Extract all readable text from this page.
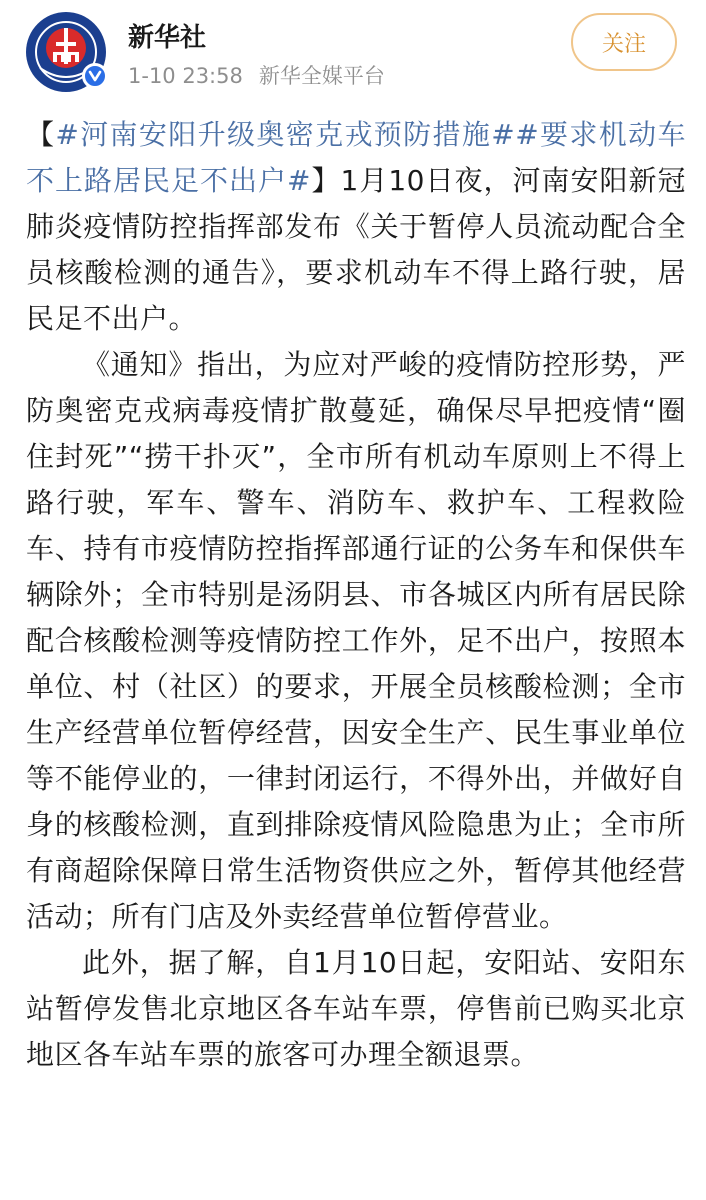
新华社
1-10 23:58 新华全媒平台
关注

【#河南安阳升级奥密克戎预防措施##要求机动车不上路居民足不出户#】1月10日夜，河南安阳新冠肺炎疫情防控指挥部发布《关于暂停人员流动配合全员核酸检测的通告》，要求机动车不得上路行驶，居民足不出户。

《通知》指出，为应对严峻的疫情防控形势，严防奥密克戎病毒疫情扩散蔓延，确保尽早把疫情“圈住封死”“捞干扑灭”，全市所有机动车原则上不得上路行驶，军车、警车、消防车、救护车、工程救险车、持有市疫情防控指挥部通行证的公务车和保供车辆除外；全市特别是汤阴县、市各城区内所有居民除配合核酸检测等疫情防控工作外，足不出户，按照本单位、村（社区）的要求，开展全员核酸检测；全市生产经营单位暂停经营，因安全生产、民生事业单位等不能停业的，一律封闭运行，不得外出，并做好自身的核酸检测，直到排除疫情风险隐患为止；全市所有商超除保障日常生活物资供应之外，暂停其他经营活动；所有门店及外卖经营单位暂停营业。

此外，据了解，自1月10日起，安阳站、安阳东站暂停发售北京地区各车站车票，停售前已购买北京地区各车站车票的旅客可办理全额退票。
